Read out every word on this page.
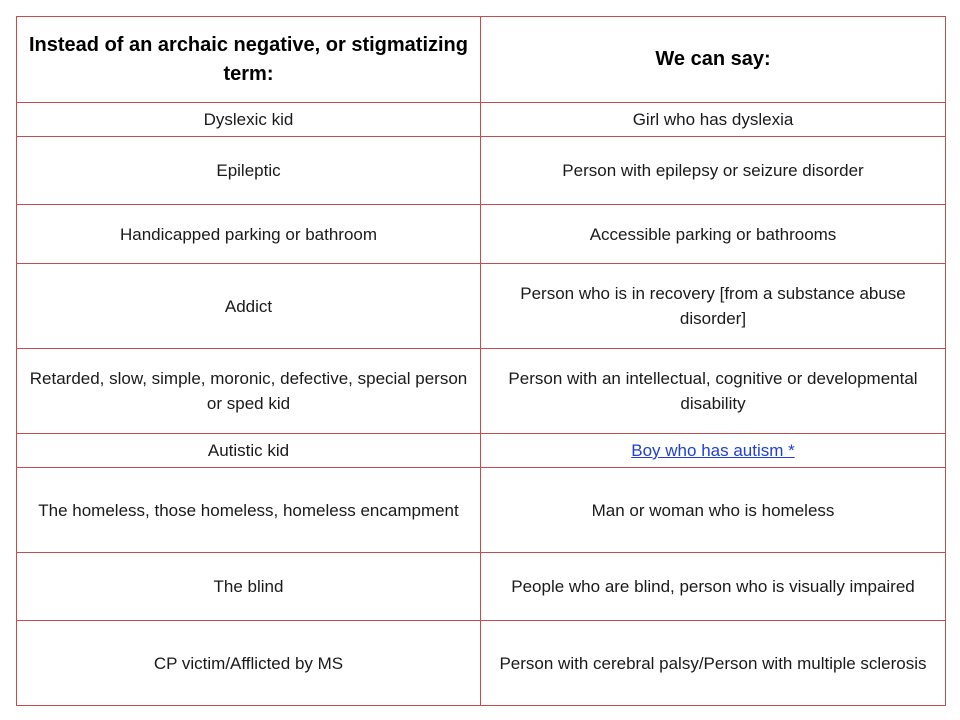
Instead of an archaic negative, or stigmatizing term:	We can say:
Dyslexic kid	Girl who has dyslexia
Epileptic	Person with epilepsy or seizure disorder
Handicapped parking or bathroom	Accessible parking or bathrooms
Addict	Person who is in recovery [from a substance abuse disorder]
Retarded, slow, simple, moronic, defective, special person or sped kid	Person with an intellectual, cognitive or developmental disability
Autistic kid	Boy who has autism *
The homeless, those homeless, homeless encampment	Man or woman who is homeless
The blind	People who are blind, person who is visually impaired
CP victim/Afflicted by MS	Person with cerebral palsy/Person with multiple sclerosis
